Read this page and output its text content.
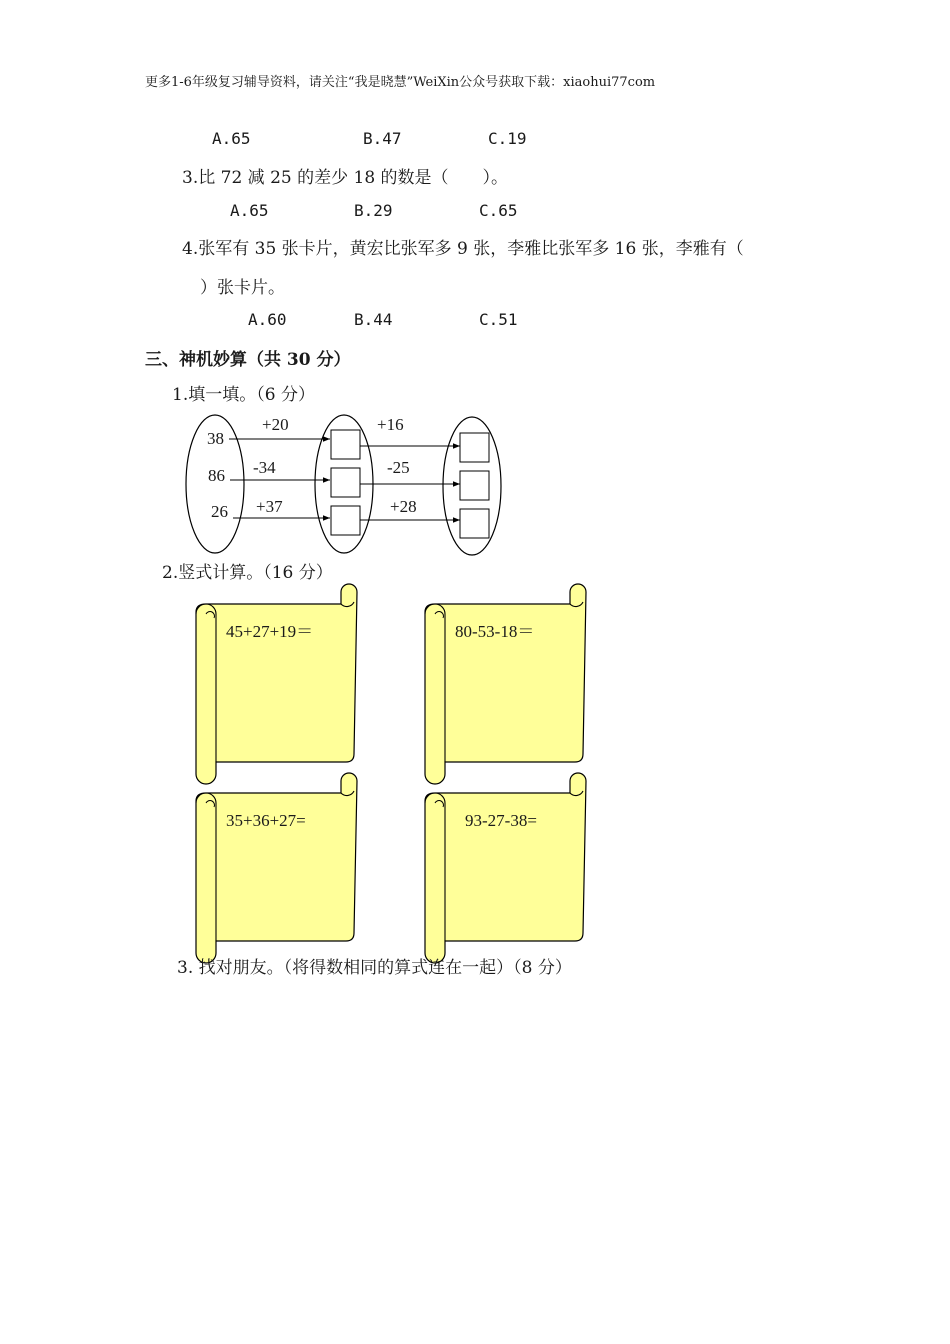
更多1-6年级复习辅导资料，请关注“我是晓慧”WeiXin公众号获取下载：xiaohui77com
A.65	B.47	C.19
3.比 72 减 25 的差少 18 的数是（　　）。
A.65	B.29	C.65
4.张军有 35 张卡片，黄宏比张军多 9 张，李雅比张军多 16 张，李雅有（
）张卡片。
A.60	B.44	C.51
三、神机妙算（共 30 分）
1.填一填。（6 分）
38
86
26
+20
-34
+37
+16
-25
+28
2.竖式计算。（16 分）
45+27+19＝	80-53-18＝
35+36+27=	93-27-38=
3. 找对朋友。（将得数相同的算式连在一起）（8 分）
